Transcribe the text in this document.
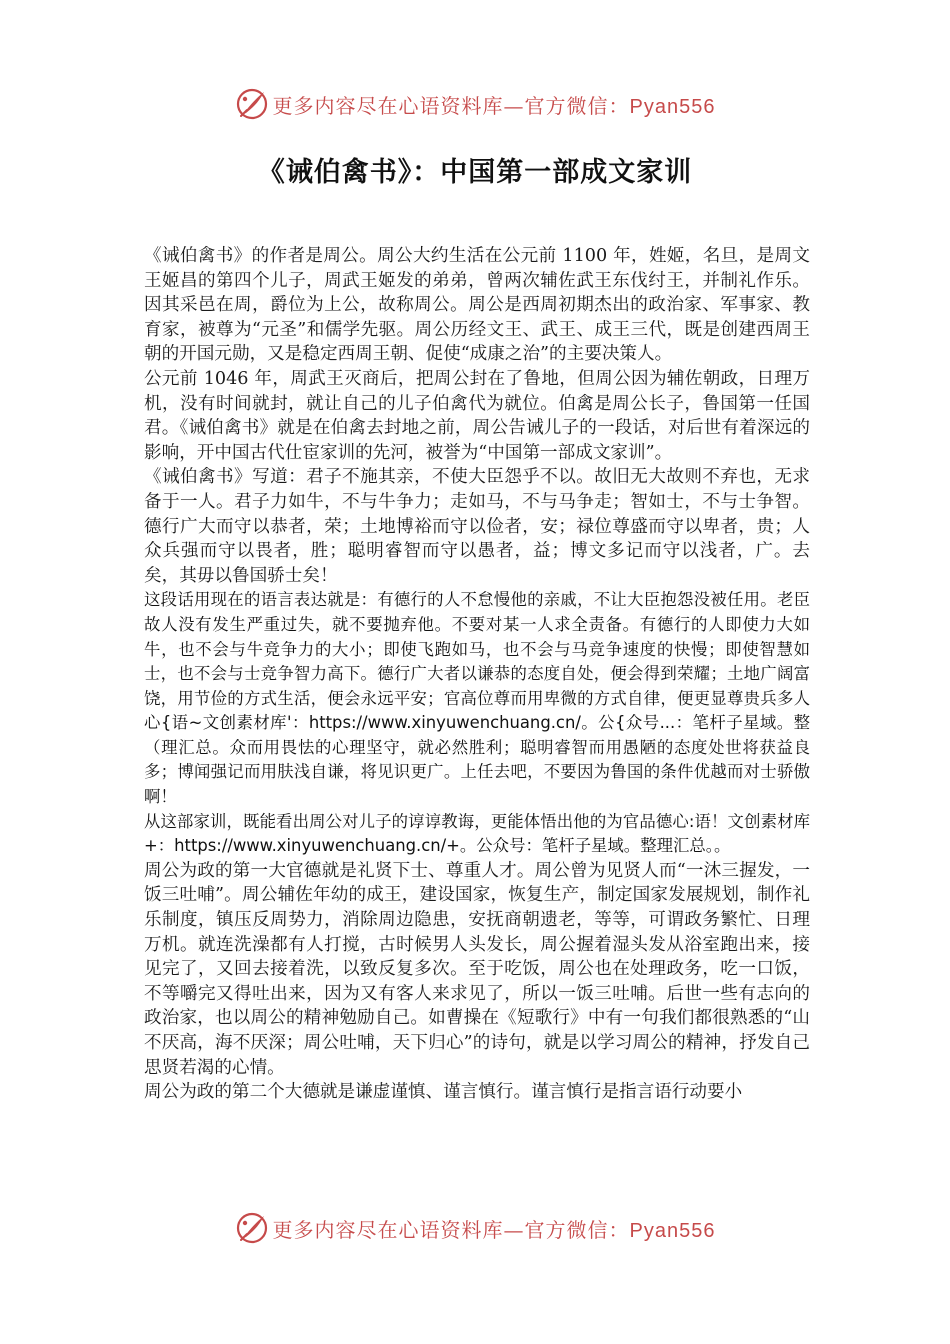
更多内容尽在心语资料库—官方微信：Pyan556
《诫伯禽书》：中国第一部成文家训

《诫伯禽书》的作者是周公。周公大约生活在公元前 1100 年，姓姬，名旦，是周文王姬昌的第四个儿子，周武王姬发的弟弟，曾两次辅佐武王东伐纣王，并制礼作乐。因其采邑在周，爵位为上公，故称周公。周公是西周初期杰出的政治家、军事家、教育家，被尊为“元圣”和儒学先驱。周公历经文王、武王、成王三代，既是创建西周王朝的开国元勋，又是稳定西周王朝、促使“成康之治”的主要决策人。

公元前 1046 年，周武王灭商后，把周公封在了鲁地，但周公因为辅佐朝政，日理万机，没有时间就封，就让自己的儿子伯禽代为就位。伯禽是周公长子，鲁国第一任国君。《诫伯禽书》就是在伯禽去封地之前，周公告诫儿子的一段话，对后世有着深远的影响，开中国古代仕宦家训的先河，被誉为“中国第一部成文家训”。

《诫伯禽书》写道：君子不施其亲，不使大臣怨乎不以。故旧无大故则不弃也，无求备于一人。君子力如牛，不与牛争力；走如马，不与马争走；智如士，不与士争智。德行广大而守以恭者，荣；土地博裕而守以俭者，安；禄位尊盛而守以卑者，贵；人众兵强而守以畏者，胜；聪明睿智而守以愚者，益；博文多记而守以浅者，广。去矣，其毋以鲁国骄士矣！

这段话用现在的语言表达就是：有德行的人不怠慢他的亲戚，不让大臣抱怨没被任用。老臣故人没有发生严重过失，就不要抛弃他。不要对某一人求全责备。有德行的人即使力大如牛，也不会与牛竞争力的大小；即使飞跑如马，也不会与马竞争速度的快慢；即使智慧如士，也不会与士竞争智力高下。德行广大者以谦恭的态度自处，便会得到荣耀；土地广阔富饶，用节俭的方式生活，便会永远平安；官高位尊而用卑微的方式自律，便更显尊贵兵多人心{语~文创素材库'：https://www.xinyuwenchuang.cn/。公{众号...：笔杆子星域。整（理汇总。众而用畏怯的心理坚守，就必然胜利；聪明睿智而用愚陋的态度处世将获益良多；博闻强记而用肤浅自谦，将见识更广。上任去吧，不要因为鲁国的条件优越而对士骄傲啊！

从这部家训，既能看出周公对儿子的谆谆教诲，更能体悟出他的为官品德心:语！文创素材库+：https://www.xinyuwenchuang.cn/+。公众号：笔杆子星域。整理汇总。。

周公为政的第一大官德就是礼贤下士、尊重人才。周公曾为见贤人而“一沐三握发，一饭三吐哺”。周公辅佐年幼的成王，建设国家，恢复生产，制定国家发展规划，制作礼乐制度，镇压反周势力，消除周边隐患，安抚商朝遗老，等等，可谓政务繁忙、日理万机。就连洗澡都有人打搅，古时候男人头发长，周公握着湿头发从浴室跑出来，接见完了，又回去接着洗，以致反复多次。至于吃饭，周公也在处理政务，吃一口饭，不等嚼完又得吐出来，因为又有客人来求见了，所以一饭三吐哺。后世一些有志向的政治家，也以周公的精神勉励自己。如曹操在《短歌行》中有一句我们都很熟悉的“山不厌高，海不厌深；周公吐哺，天下归心”的诗句，就是以学习周公的精神，抒发自己思贤若渴的心情。

周公为政的第二个大德就是谦虚谨慎、谨言慎行。谨言慎行是指言语行动要小

更多内容尽在心语资料库—官方微信：Pyan556
